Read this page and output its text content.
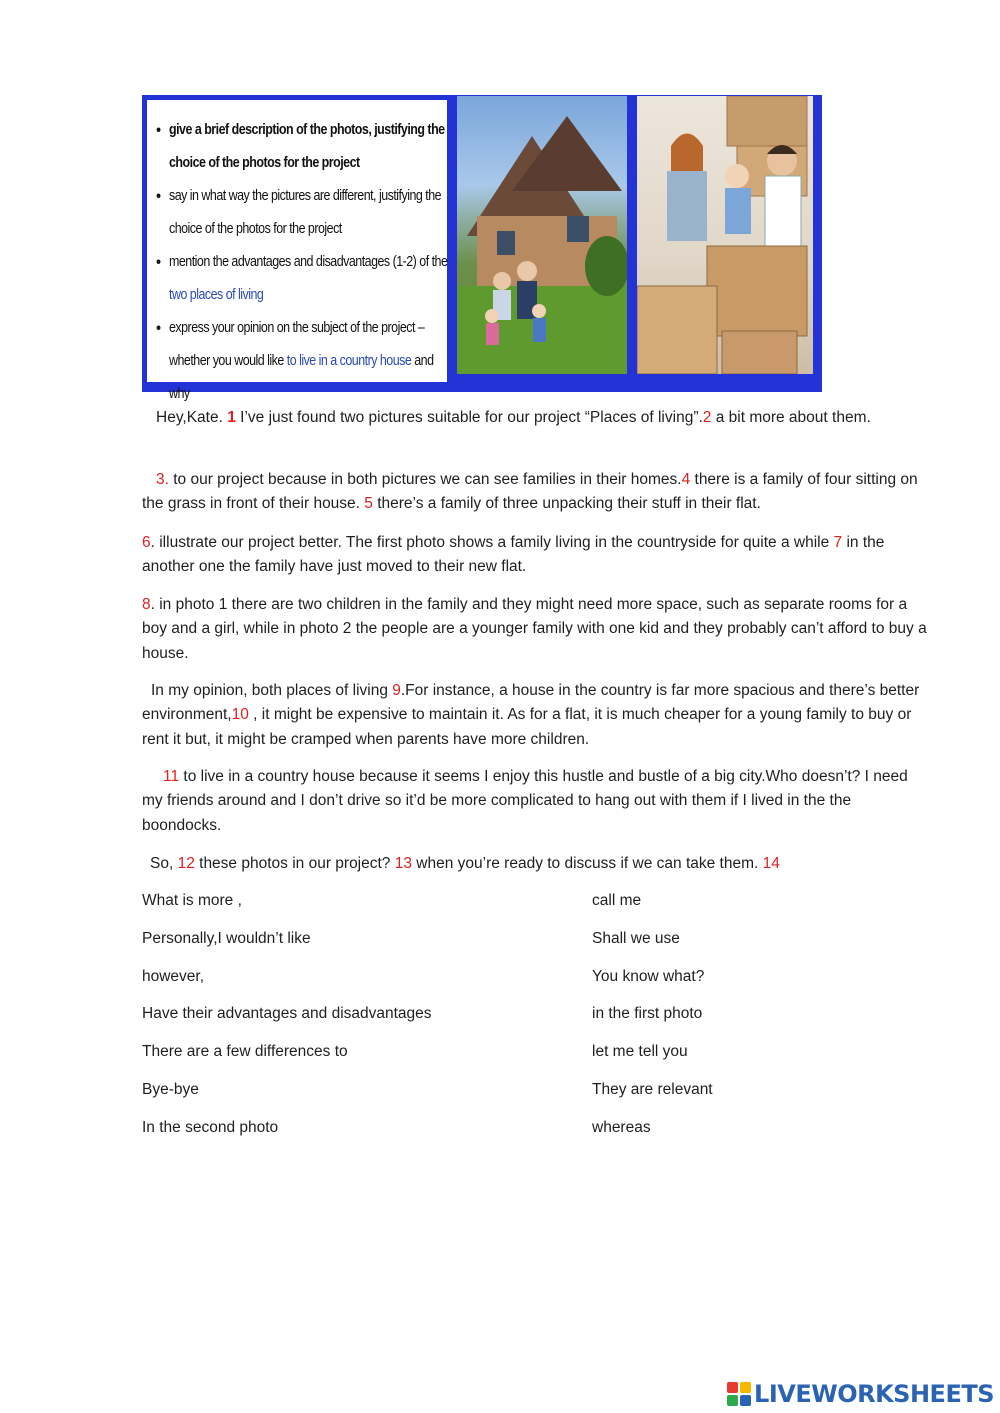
• give a brief description of the photos, justifying the choice of the photos for the project
• say in what way the pictures are different, justifying the choice of the photos for the project
• mention the advantages and disadvantages (1-2) of the two places of living
• express your opinion on the subject of the project – whether you would like to live in a country house and why

Hey,Kate. 1 I’ve just found two pictures suitable for our project “Places of living”.2 a bit more about them.

3. to our project because in both pictures we can see families in their homes.4 there is a family of four sitting on the grass in front of their house. 5 there’s a family of three unpacking their stuff in their flat.

6. illustrate our project better. The first photo shows a family living in the countryside for quite a while 7 in the another one the family have just moved to their new flat.

8. in photo 1 there are two children in the family and they might need more space, such as separate rooms for a boy and a girl, while in photo 2 the people are a younger family with one kid and they probably can’t afford to buy a house.

In my opinion, both places of living 9.For instance, a house in the country is far more spacious and there’s better environment,10 , it might be expensive to maintain it. As for a flat, it is much cheaper for a young family to buy or rent it but, it might be cramped when parents have more children.

11 to live in a country house because it seems I enjoy this hustle and bustle of a big city.Who doesn’t? I need my friends around and I don’t drive so it’d be more complicated to hang out with them if I lived in the the boondocks.

So, 12 these photos in our project? 13 when you’re ready to discuss if we can take them. 14

What is more ,
Personally,I wouldn’t like
however,
Have their advantages and disadvantages
There are a few differences to
Bye-bye
In the second photo
call me
Shall we use
You know what?
in the first photo
let me tell you
They are relevant
whereas
LIVEWORKSHEETS
